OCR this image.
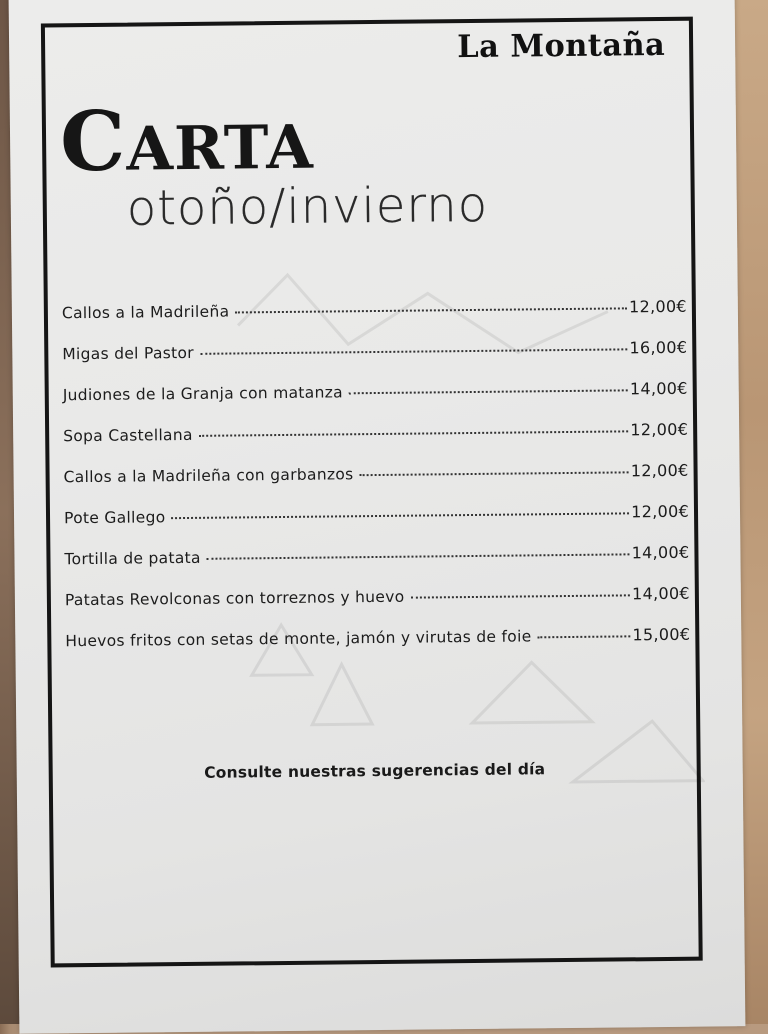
La Montaña
CARTA
otoño/invierno
Callos a la Madrileña	12,00€
Migas del Pastor	16,00€
Judiones de la Granja con matanza	14,00€
Sopa Castellana	12,00€
Callos a la Madrileña con garbanzos	12,00€
Pote Gallego	12,00€
Tortilla de patata	14,00€
Patatas Revolconas con torreznos y huevo	14,00€
Huevos fritos con setas de monte, jamón y virutas de foie	15,00€
Consulte nuestras sugerencias del día
